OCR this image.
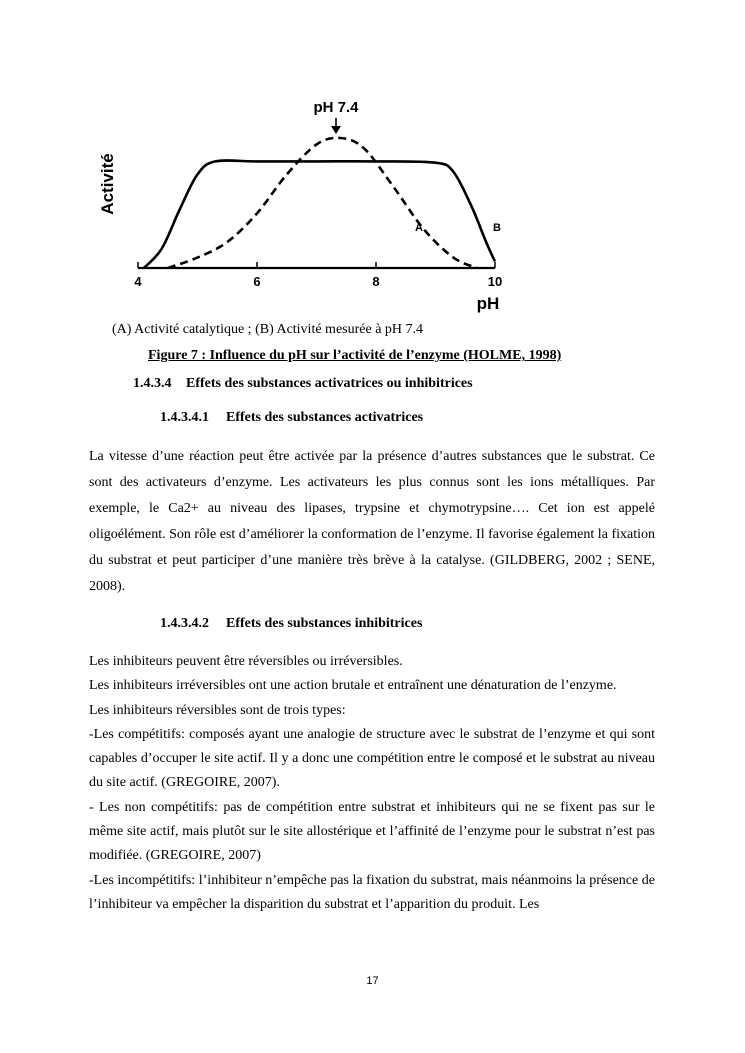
4	6	8	10
pH
Activité
pH 7.4
A	B
(A) Activité catalytique ; (B) Activité mesurée à pH 7.4
Figure 7 : Influence du pH sur l’activité de l’enzyme (HOLME, 1998)
1.4.3.4 Effets des substances activatrices ou inhibitrices
1.4.3.4.1 Effets des substances activatrices

La vitesse d’une réaction peut être activée par la présence d’autres substances que le substrat. Ce sont des activateurs d’enzyme. Les activateurs les plus connus sont les ions métalliques. Par exemple, le Ca2+ au niveau des lipases, trypsine et chymotrypsine…. Cet ion est appelé oligoélément. Son rôle est d’améliorer la conformation de l’enzyme. Il favorise également la fixation du substrat et peut participer d’une manière très brève à la catalyse. (GILDBERG, 2002 ; SENE, 2008).

1.4.3.4.2 Effets des substances inhibitrices

Les inhibiteurs peuvent être réversibles ou irréversibles.

Les inhibiteurs irréversibles ont une action brutale et entraînent une dénaturation de l’enzyme.

Les inhibiteurs réversibles sont de trois types:

-Les compétitifs: composés ayant une analogie de structure avec le substrat de l’enzyme et qui sont capables d’occuper le site actif. Il y a donc une compétition entre le composé et le substrat au niveau du site actif. (GREGOIRE, 2007).

- Les non compétitifs: pas de compétition entre substrat et inhibiteurs qui ne se fixent pas sur le même site actif, mais plutôt sur le site allostérique et l’affinité de l’enzyme pour le substrat n’est pas modifiée. (GREGOIRE, 2007)

-Les incompétitifs: l’inhibiteur n’empêche pas la fixation du substrat, mais néanmoins la présence de l’inhibiteur va empêcher la disparition du substrat et l’apparition du produit. Les

17
